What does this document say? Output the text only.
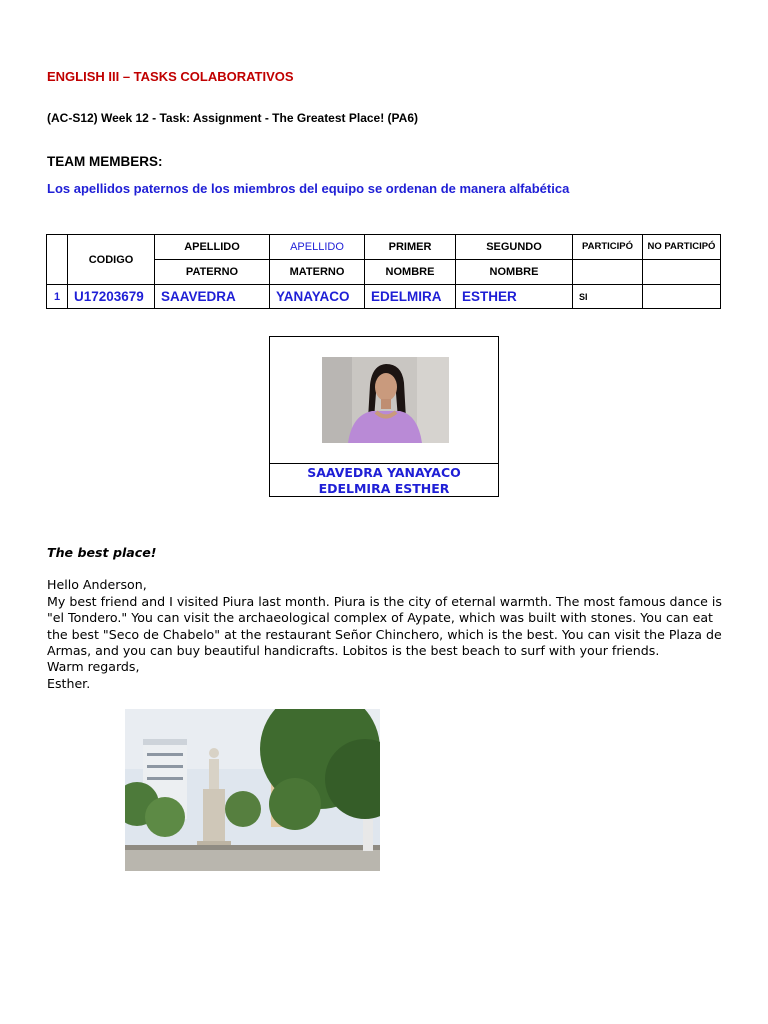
ENGLISH III – TASKS COLABORATIVOS
(AC-S12) Week 12 - Task: Assignment - The Greatest Place! (PA6)
TEAM MEMBERS:
Los apellidos paternos de los miembros del equipo se ordenan de manera alfabética
	CODIGO	APELLIDO	APELLIDO	PRIMER	SEGUNDO	PARTICIPÓ	NO PARTICIPÓ
		PATERNO	MATERNO	NOMBRE	NOMBRE		
1	U17203679	SAAVEDRA	YANAYACO	EDELMIRA	ESTHER	SI	
SAAVEDRA YANAYACO
EDELMIRA ESTHER

The best place!

Hello Anderson,

My best friend and I visited Piura last month. Piura is the city of eternal warmth. The most famous dance is "el Tondero." You can visit the archaeological complex of Aypate, which was built with stones. You can eat the best "Seco de Chabelo" at the restaurant Señor Chinchero, which is the best. You can visit the Plaza de Armas, and you can buy beautiful handicrafts. Lobitos is the best beach to surf with your friends.

Warm regards,

Esther.
